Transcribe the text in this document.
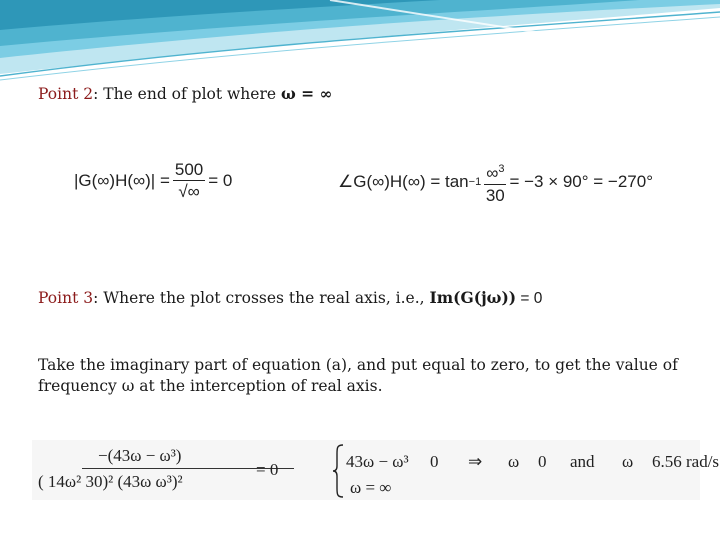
Point 2: The end of plot where ω = ∞
$|G(\infty)H(\infty)| = \frac{500}{√\infty} = 0$	∠G(∞)H(∞) = $\tan -1 \frac{\infty^3}{30} = -3 \times 90^\circ = -270^\circ$
Point 3: Where the plot crosses the real axis, i.e., Im(G(jω)) = 0
Take the imaginary part of equation (a), and put equal to zero, to get the value of frequency ω at the interception of real axis.
−(43ω − ω³)
( 14ω² 30)² (43ω ω³)²
= 0	43ω − ω³ 0
ω = ∞
⇒ ω 0 and ω 6.56 rad/s
